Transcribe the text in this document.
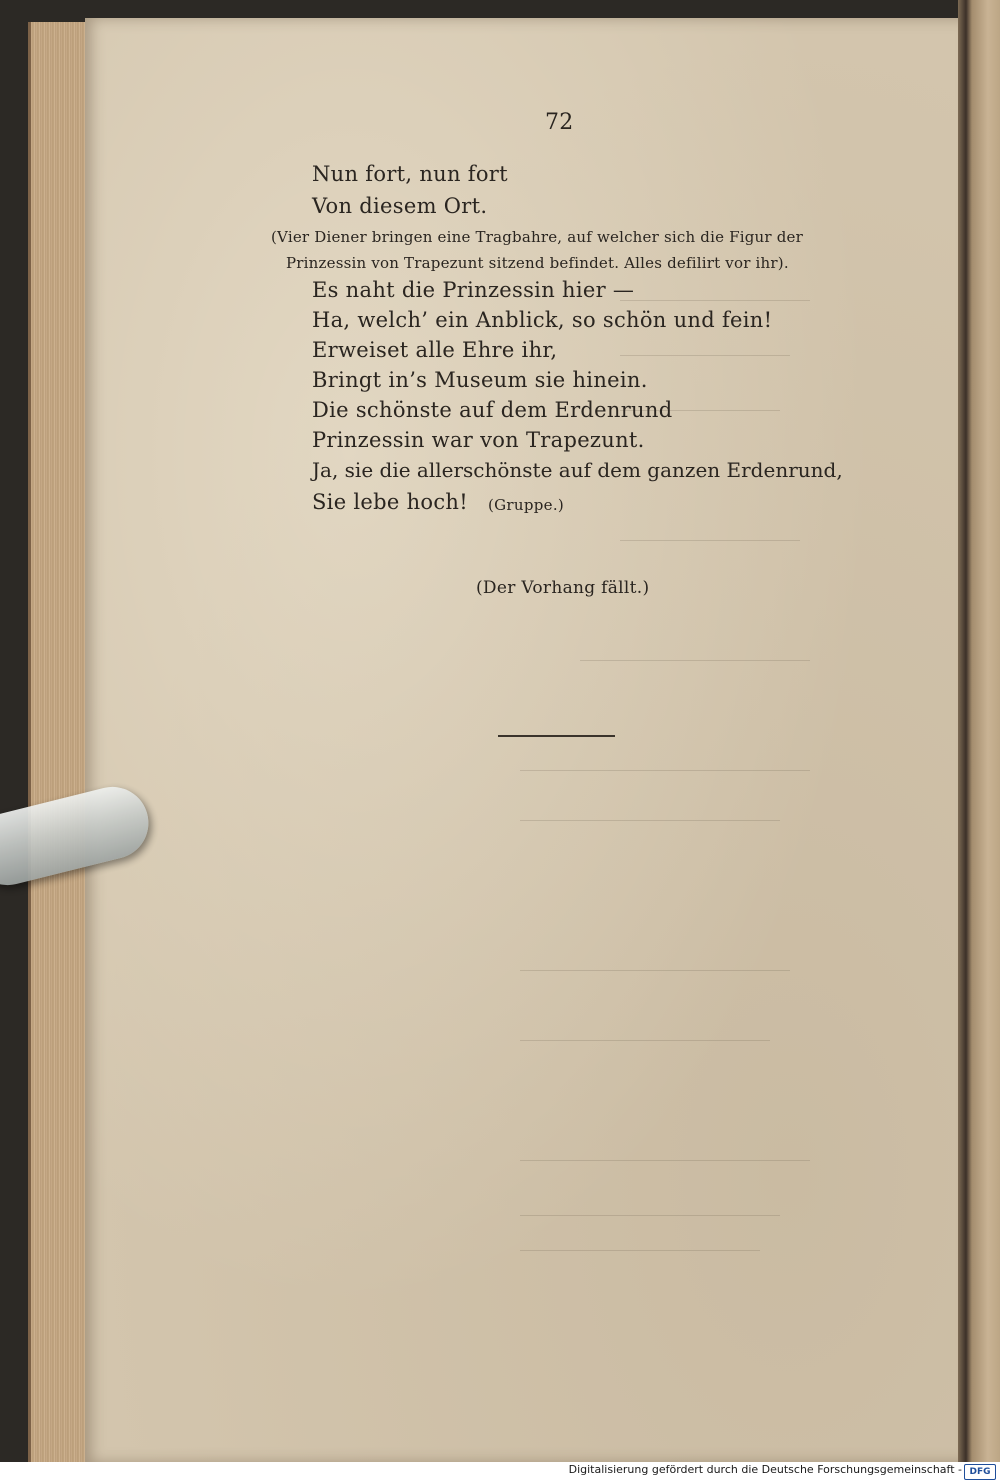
72
Nun fort, nun fort
Von diesem Ort.
(Vier Diener bringen eine Tragbahre, auf welcher sich die Figur der
Prinzessin von Trapezunt sitzend befindet. Alles defilirt vor ihr).
Es naht die Prinzessin hier —
Ha, welch’ ein Anblick, so schön und fein!
Erweiset alle Ehre ihr,
Bringt in’s Museum sie hinein.
Die schönste auf dem Erdenrund
Prinzessin war von Trapezunt.
Ja, sie die allerschönste auf dem ganzen Erdenrund,
Sie lebe hoch! (Gruppe.)
(Der Vorhang fällt.)
Digitalisierung gefördert durch die Deutsche Forschungsgemeinschaft - DFG
